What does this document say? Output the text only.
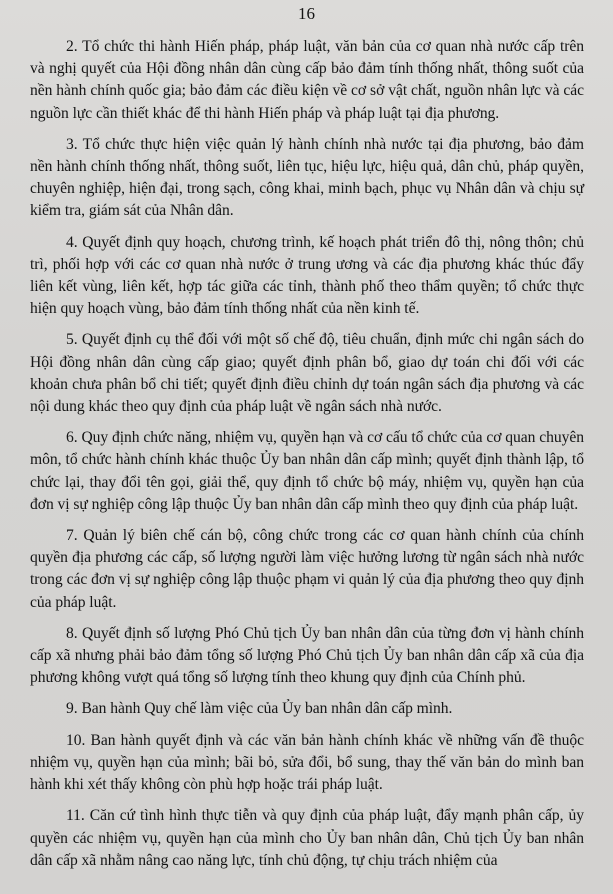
16

2. Tổ chức thi hành Hiến pháp, pháp luật, văn bản của cơ quan nhà nước cấp trên và nghị quyết của Hội đồng nhân dân cùng cấp bảo đảm tính thống nhất, thông suốt của nền hành chính quốc gia; bảo đảm các điều kiện về cơ sở vật chất, nguồn nhân lực và các nguồn lực cần thiết khác để thi hành Hiến pháp và pháp luật tại địa phương.

3. Tổ chức thực hiện việc quản lý hành chính nhà nước tại địa phương, bảo đảm nền hành chính thống nhất, thông suốt, liên tục, hiệu lực, hiệu quả, dân chủ, pháp quyền, chuyên nghiệp, hiện đại, trong sạch, công khai, minh bạch, phục vụ Nhân dân và chịu sự kiểm tra, giám sát của Nhân dân.

4. Quyết định quy hoạch, chương trình, kế hoạch phát triển đô thị, nông thôn; chủ trì, phối hợp với các cơ quan nhà nước ở trung ương và các địa phương khác thúc đẩy liên kết vùng, liên kết, hợp tác giữa các tỉnh, thành phố theo thẩm quyền; tổ chức thực hiện quy hoạch vùng, bảo đảm tính thống nhất của nền kinh tế.

5. Quyết định cụ thể đối với một số chế độ, tiêu chuẩn, định mức chi ngân sách do Hội đồng nhân dân cùng cấp giao; quyết định phân bổ, giao dự toán chi đối với các khoản chưa phân bổ chi tiết; quyết định điều chỉnh dự toán ngân sách địa phương và các nội dung khác theo quy định của pháp luật về ngân sách nhà nước.

6. Quy định chức năng, nhiệm vụ, quyền hạn và cơ cấu tổ chức của cơ quan chuyên môn, tổ chức hành chính khác thuộc Ủy ban nhân dân cấp mình; quyết định thành lập, tổ chức lại, thay đổi tên gọi, giải thể, quy định tổ chức bộ máy, nhiệm vụ, quyền hạn của đơn vị sự nghiệp công lập thuộc Ủy ban nhân dân cấp mình theo quy định của pháp luật.

7. Quản lý biên chế cán bộ, công chức trong các cơ quan hành chính của chính quyền địa phương các cấp, số lượng người làm việc hưởng lương từ ngân sách nhà nước trong các đơn vị sự nghiệp công lập thuộc phạm vi quản lý của địa phương theo quy định của pháp luật.

8. Quyết định số lượng Phó Chủ tịch Ủy ban nhân dân của từng đơn vị hành chính cấp xã nhưng phải bảo đảm tổng số lượng Phó Chủ tịch Ủy ban nhân dân cấp xã của địa phương không vượt quá tổng số lượng tính theo khung quy định của Chính phủ.

9. Ban hành Quy chế làm việc của Ủy ban nhân dân cấp mình.

10. Ban hành quyết định và các văn bản hành chính khác về những vấn đề thuộc nhiệm vụ, quyền hạn của mình; bãi bỏ, sửa đổi, bổ sung, thay thế văn bản do mình ban hành khi xét thấy không còn phù hợp hoặc trái pháp luật.

11. Căn cứ tình hình thực tiễn và quy định của pháp luật, đẩy mạnh phân cấp, ủy quyền các nhiệm vụ, quyền hạn của mình cho Ủy ban nhân dân, Chủ tịch Ủy ban nhân dân cấp xã nhằm nâng cao năng lực, tính chủ động, tự chịu trách nhiệm của
